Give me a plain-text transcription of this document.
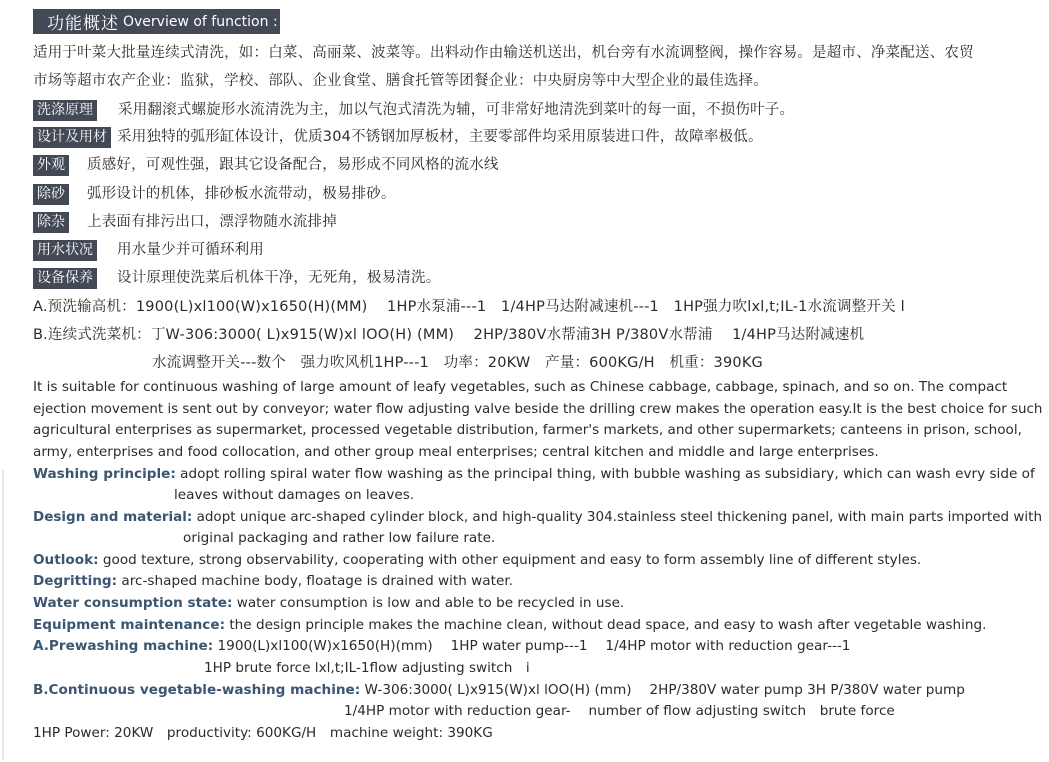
功能概述 Overview of function :
适用于叶菜大批量连续式清洗，如：白菜、高丽菜、波菜等。出料动作由输送机送出，机台旁有水流调整阀，操作容易。是超市、净菜配送、农贸
市场等超市农产企业：监狱，学校、部队、企业食堂、膳食托管等团餐企业：中央厨房等中大型企业的最佳选择。
洗涤原理 采用翻滚式螺旋形水流清洗为主，加以气泡式清洗为辅，可非常好地清洗到菜叶的每一面，不损伤叶子。
设计及用材 采用独特的弧形缸体设计，优质304不锈钢加厚板材，主要零部件均采用原装进口件，故障率极低。
外观 质感好，可观性强，跟其它设备配合，易形成不同风格的流水线
除砂 弧形设计的机体，排砂板水流带动，极易排砂。
除杂 上表面有排污出口，漂浮物随水流排掉
用水状况 用水量少并可循环利用
设备保养 设计原理使洗菜后机体干净，无死角，极易清洗。
A.预洗输高机：1900(L)xl100(W)x1650(H)(MM)　 1HP水泵浦---1　1/4HP马达附减速机---1　1HP强力吹lxl,t;IL-1水流调整开关 l
B.连续式洗菜机：丁W-306:3000( L)x915(W)xl lOO(H) (MM)　 2HP/380V水帮浦3H P/380V水帮浦　 1/4HP马达附减速机
水流调整开关---数个　强力吹风机1HP---1　功率：20KW　产量：600KG/H　机重：390KG
It is suitable for continuous washing of large amount of leafy vegetables, such as Chinese cabbage, cabbage, spinach, and so on. The compact
ejection movement is sent out by conveyor; water flow adjusting valve beside the drilling crew makes the operation easy.It is the best choice for such
agricultural enterprises as supermarket, processed vegetable distribution, farmer's markets, and other supermarkets; canteens in prison, school,
army, enterprises and food collocation, and other group meal enterprises; central kitchen and middle and large enterprises.
Washing principle: adopt rolling spiral water flow washing as the principal thing, with bubble washing as subsidiary, which can wash evry side of
leaves without damages on leaves.
Design and material: adopt unique arc-shaped cylinder block, and high-quality 304.stainless steel thickening panel, with main parts imported with
original packaging and rather low failure rate.
Outlook: good texture, strong observability, cooperating with other equipment and easy to form assembly line of different styles.
Degritting: arc-shaped machine body, floatage is drained with water.
Water consumption state: water consumption is low and able to be recycled in use.
Equipment maintenance: the design principle makes the machine clean, without dead space, and easy to wash after vegetable washing.
A.Prewashing machine: 1900(L)xl100(W)x1650(H)(mm)　 1HP water pump---1　 1/4HP motor with reduction gear---1
1HP brute force lxl,t;IL-1flow adjusting switch　i
B.Continuous vegetable-washing machine: W-306:3000( L)x915(W)xl lOO(H) (mm)　 2HP/380V water pump 3H P/380V water pump
1/4HP motor with reduction gear-　 number of flow adjusting switch　brute force
1HP Power: 20KW　productivity: 600KG/H　machine weight: 390KG
